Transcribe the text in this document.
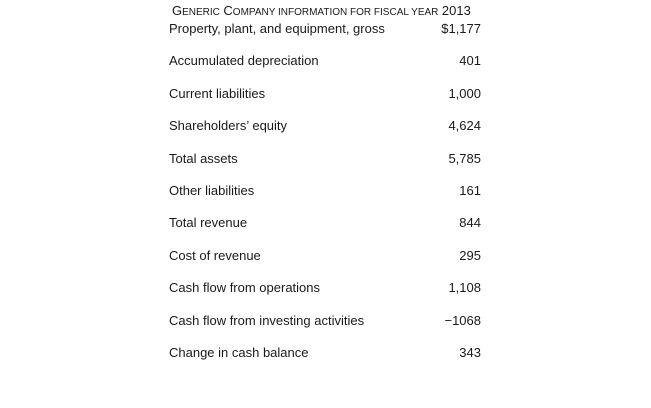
GENERIC COMPANY INFORMATION FOR FISCAL YEAR 2013
Property, plant, and equipment, gross	$1,177
Accumulated depreciation	401
Current liabilities	1,000
Shareholders’ equity	4,624
Total assets	5,785
Other liabilities	161
Total revenue	844
Cost of revenue	295
Cash flow from operations	1,108
Cash flow from investing activities	−1068
Change in cash balance	343
